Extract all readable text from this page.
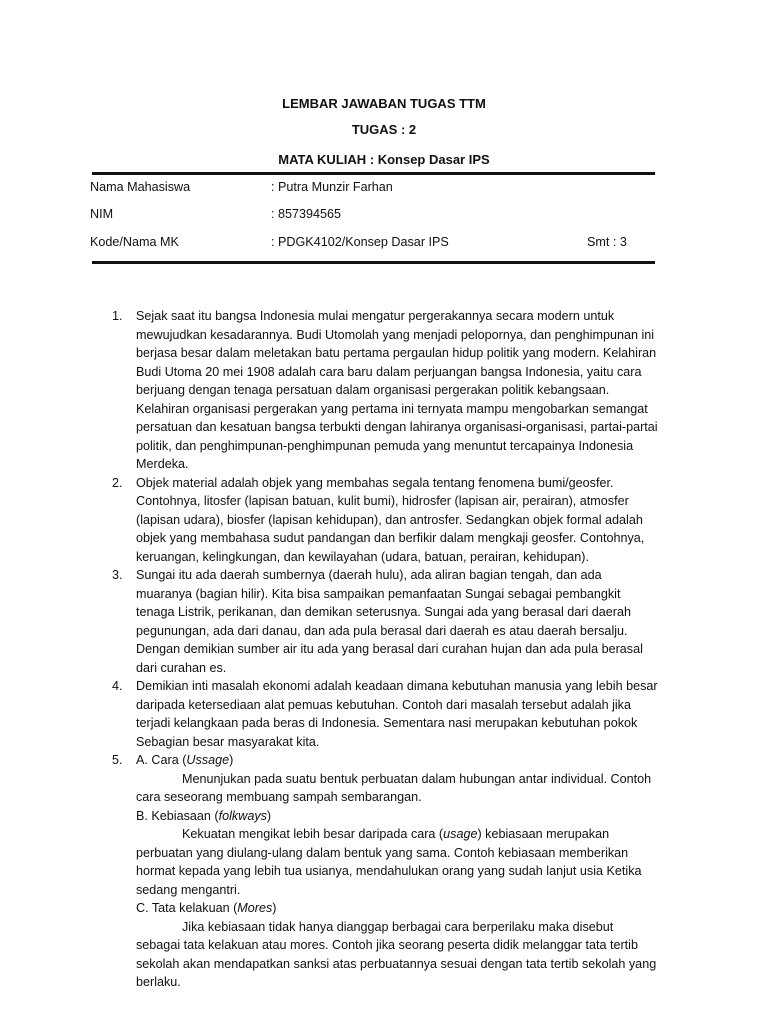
LEMBAR JAWABAN TUGAS TTM
TUGAS : 2
MATA KULIAH : Konsep Dasar IPS
Nama Mahasiswa	: Putra Munzir Farhan
NIM	: 857394565
Kode/Nama MK	: PDGK4102/Konsep Dasar IPS	Smt : 3
1. Sejak saat itu bangsa Indonesia mulai mengatur pergerakannya secara modern untuk mewujudkan kesadarannya. Budi Utomolah yang menjadi pelopornya, dan penghimpunan ini berjasa besar dalam meletakan batu pertama pergaulan hidup politik yang modern. Kelahiran Budi Utoma 20 mei 1908 adalah cara baru dalam perjuangan bangsa Indonesia, yaitu cara berjuang dengan tenaga persatuan dalam organisasi pergerakan politik kebangsaan. Kelahiran organisasi pergerakan yang pertama ini ternyata mampu mengobarkan semangat persatuan dan kesatuan bangsa terbukti dengan lahiranya organisasi-organisasi, partai-partai politik, dan penghimpunan-penghimpunan pemuda yang menuntut tercapainya Indonesia Merdeka.
2. Objek material adalah objek yang membahas segala tentang fenomena bumi/geosfer. Contohnya, litosfer (lapisan batuan, kulit bumi), hidrosfer (lapisan air, perairan), atmosfer (lapisan udara), biosfer (lapisan kehidupan), dan antrosfer. Sedangkan objek formal adalah objek yang membahasa sudut pandangan dan berfikir dalam mengkaji geosfer. Contohnya, keruangan, kelingkungan, dan kewilayahan (udara, batuan, perairan, kehidupan).
3. Sungai itu ada daerah sumbernya (daerah hulu), ada aliran bagian tengah, dan ada muaranya (bagian hilir). Kita bisa sampaikan pemanfaatan Sungai sebagai pembangkit tenaga Listrik, perikanan, dan demikan seterusnya. Sungai ada yang berasal dari daerah pegunungan, ada dari danau, dan ada pula berasal dari daerah es atau daerah bersalju. Dengan demikian sumber air itu ada yang berasal dari curahan hujan dan ada pula berasal dari curahan es.
4. Demikian inti masalah ekonomi adalah keadaan dimana kebutuhan manusia yang lebih besar daripada ketersediaan alat pemuas kebutuhan. Contoh dari masalah tersebut adalah jika terjadi kelangkaan pada beras di Indonesia. Sementara nasi merupakan kebutuhan pokok Sebagian besar masyarakat kita.
5. A. Cara (Ussage)
Menunjukan pada suatu bentuk perbuatan dalam hubungan antar individual. Contoh cara seseorang membuang sampah sembarangan.
B. Kebiasaan (folkways)
Kekuatan mengikat lebih besar daripada cara (usage) kebiasaan merupakan perbuatan yang diulang-ulang dalam bentuk yang sama. Contoh kebiasaan memberikan hormat kepada yang lebih tua usianya, mendahulukan orang yang sudah lanjut usia Ketika sedang mengantri.
C. Tata kelakuan (Mores)
Jika kebiasaan tidak hanya dianggap berbagai cara berperilaku maka disebut sebagai tata kelakuan atau mores. Contoh jika seorang peserta didik melanggar tata tertib sekolah akan mendapatkan sanksi atas perbuatannya sesuai dengan tata tertib sekolah yang berlaku.
